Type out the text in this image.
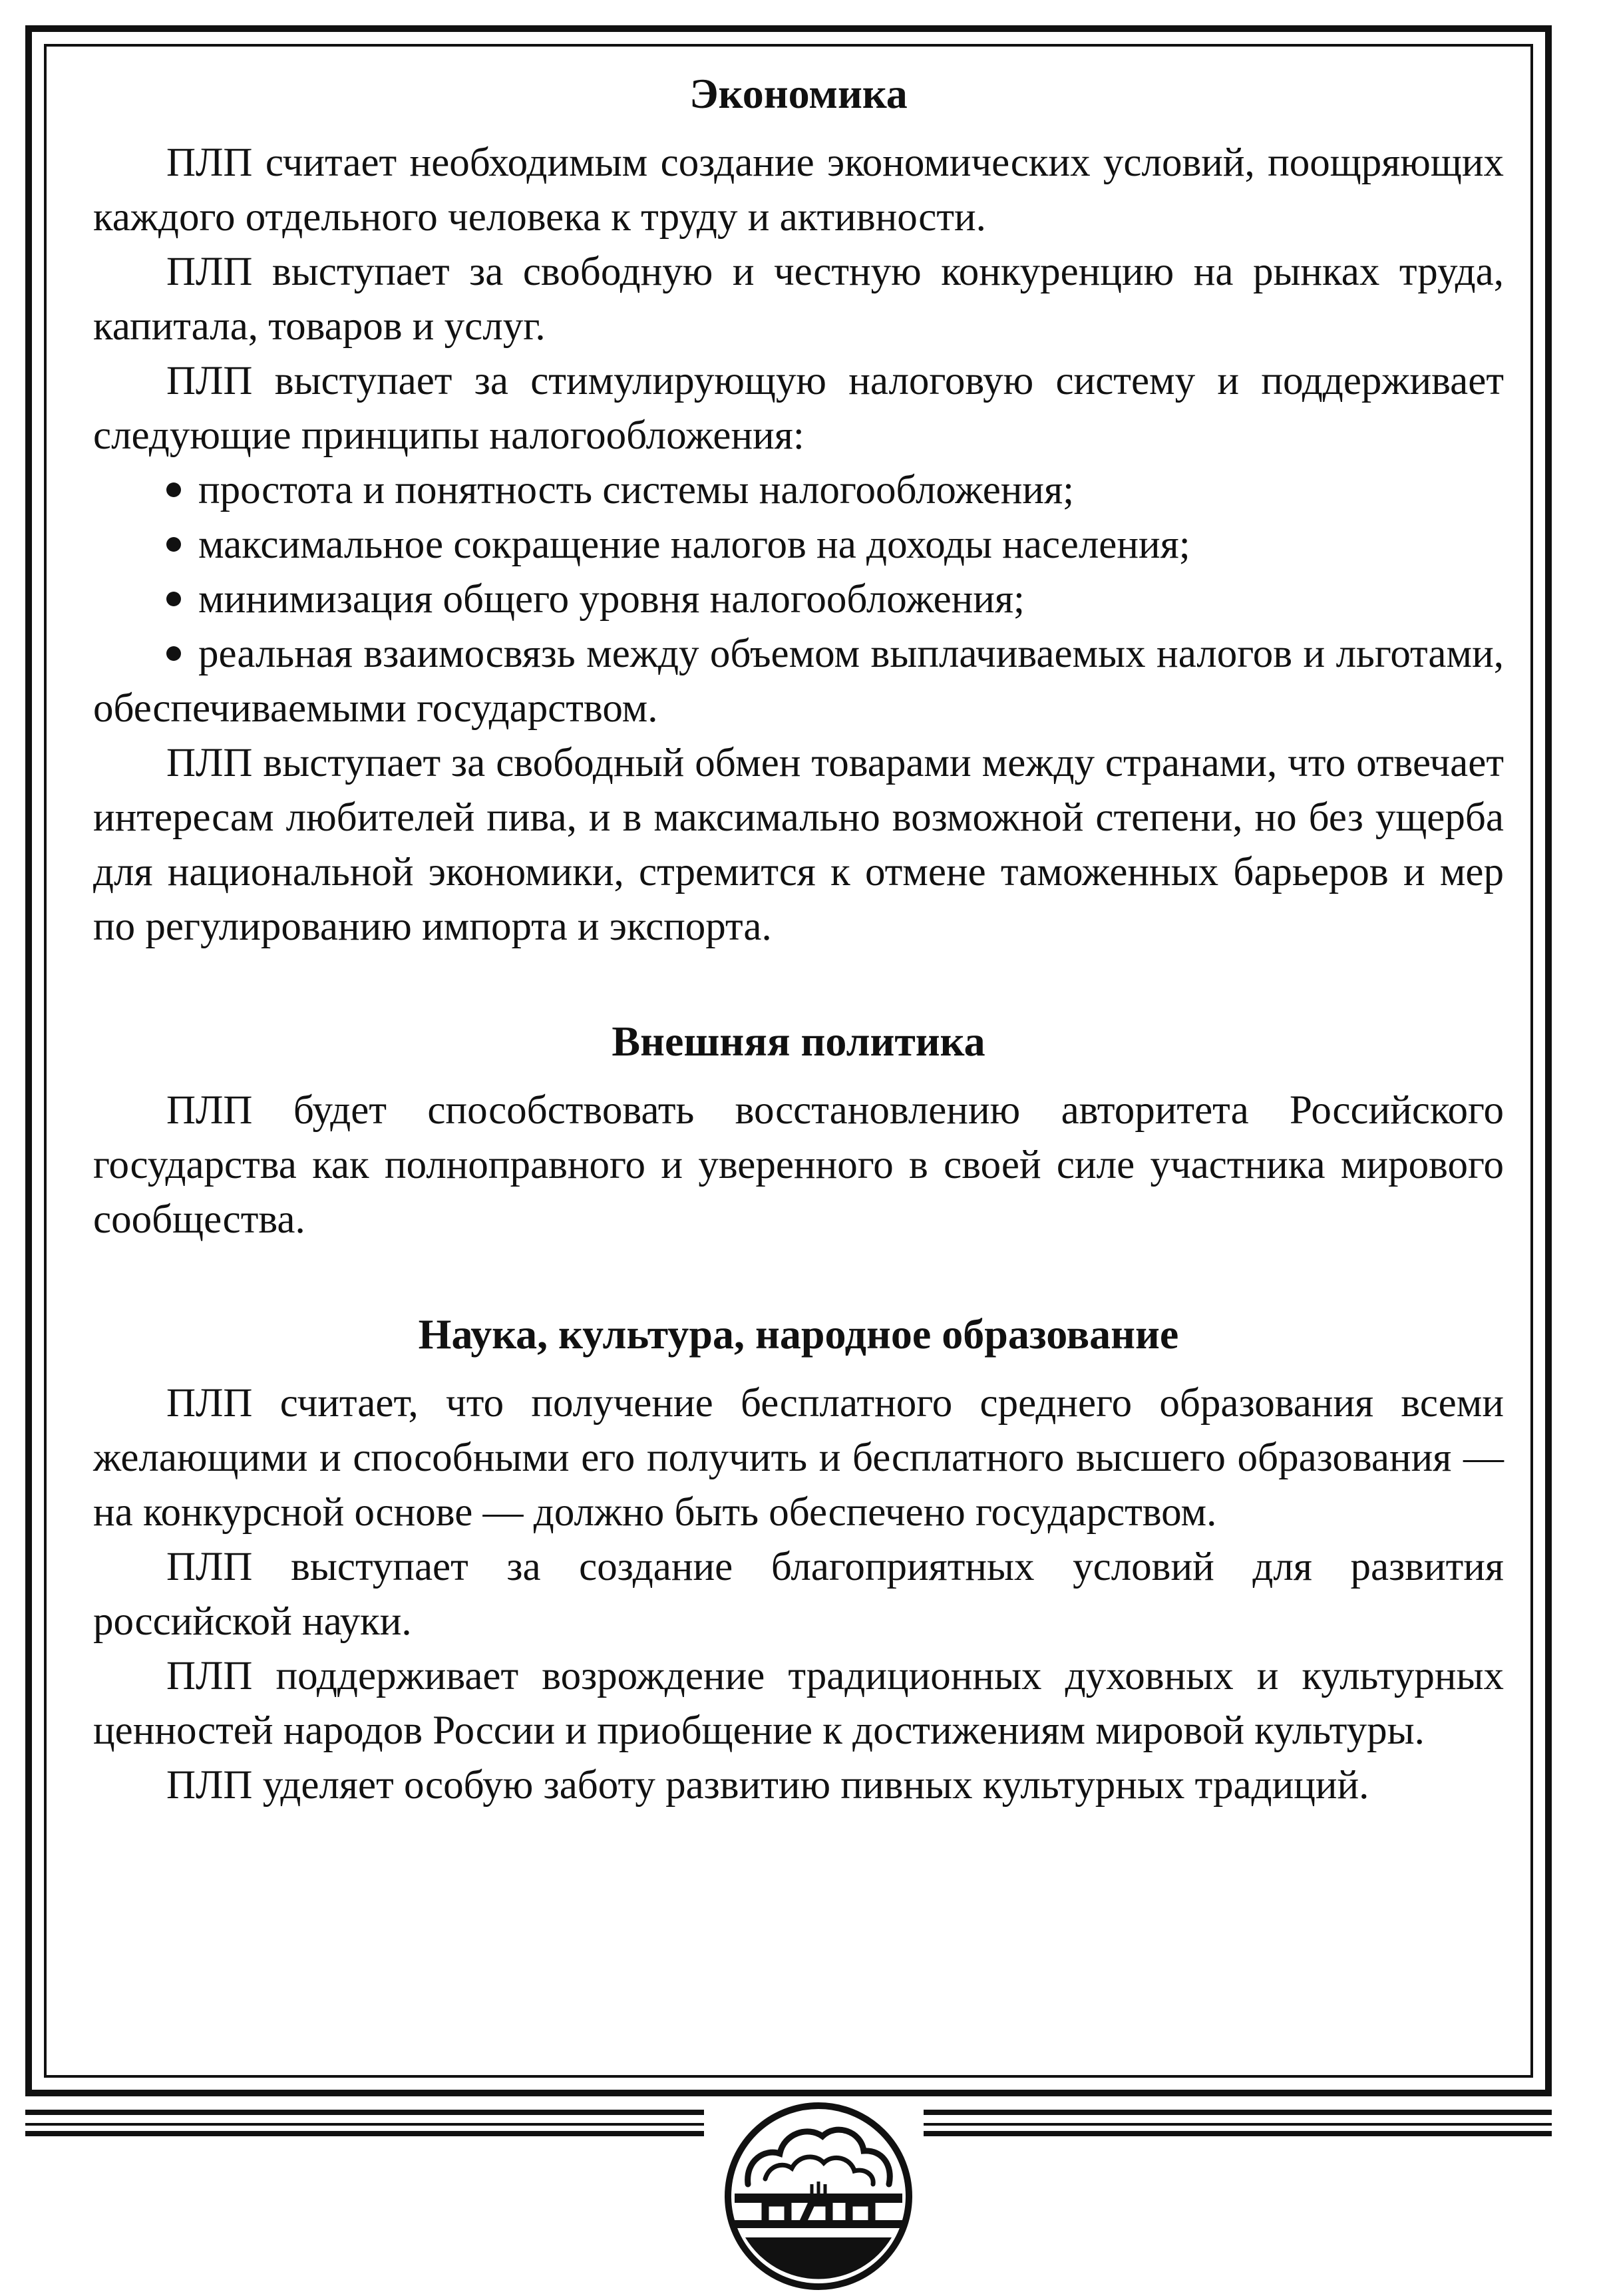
Экономика

ПЛП считает необходимым создание экономических условий, поощряющих каждого отдельного человека к труду и активности.

ПЛП выступает за свободную и честную конкуренцию на рынках труда, капитала, товаров и услуг.

ПЛП выступает за стимулирующую налоговую систему и поддерживает следующие принципы налогообложения:

простота и понятность системы налогообложения;
максимальное сокращение налогов на доходы населения;
минимизация общего уровня налогообложения;
реальная взаимосвязь между объемом выплачиваемых налогов и льготами, обеспечиваемыми государством.

ПЛП выступает за свободный обмен товарами между странами, что отвечает интересам любителей пива, и в максимально возможной степени, но без ущерба для национальной экономики, стремится к отмене таможенных барьеров и мер по регулированию импорта и экспорта.

Внешняя политика

ПЛП будет способствовать восстановлению авторитета Российского государства как полноправного и уверенного в своей силе участника мирового сообщества.

Наука, культура, народное образование

ПЛП считает, что получение бесплатного среднего образования всеми желающими и способными его получить и бесплатного высшего образования — на конкурсной основе — должно быть обеспечено государством.

ПЛП выступает за создание благоприятных условий для развития российской науки.

ПЛП поддерживает возрождение традиционных духовных и культурных ценностей народов России и приобщение к достижениям мировой культуры.

ПЛП уделяет особую заботу развитию пивных культурных традиций.
